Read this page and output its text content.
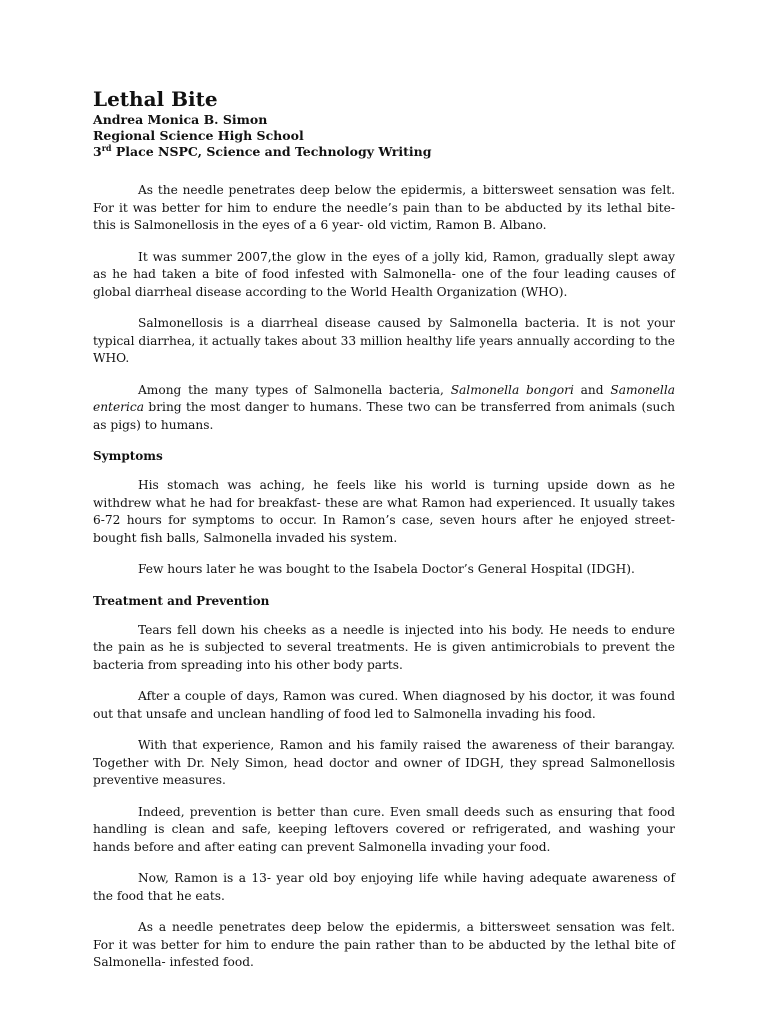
Lethal Bite
Andrea Monica B. Simon
Regional Science High School
3rd Place NSPC, Science and Technology Writing

As the needle penetrates deep below the epidermis, a bittersweet sensation was felt. For it was better for him to endure the needle’s pain than to be abducted by its lethal bite- this is Salmonellosis in the eyes of a 6 year- old victim, Ramon B. Albano.

It was summer 2007,the glow in the eyes of a jolly kid, Ramon, gradually slept away as he had taken a bite of food infested with Salmonella- one of the four leading causes of global diarrheal disease according to the World Health Organization (WHO).

Salmonellosis is a diarrheal disease caused by Salmonella bacteria. It is not your typical diarrhea, it actually takes about 33 million healthy life years annually according to the WHO.

Among the many types of Salmonella bacteria, Salmonella bongori and Samonella enterica bring the most danger to humans. These two can be transferred from animals (such as pigs) to humans.

Symptoms

His stomach was aching, he feels like his world is turning upside down as he withdrew what he had for breakfast- these are what Ramon had experienced. It usually takes 6-72 hours for symptoms to occur. In Ramon’s case, seven hours after he enjoyed street- bought fish balls, Salmonella invaded his system.

Few hours later he was bought to the Isabela Doctor’s General Hospital (IDGH).

Treatment and Prevention

Tears fell down his cheeks as a needle is injected into his body. He needs to endure the pain as he is subjected to several treatments. He is given antimicrobials to prevent the bacteria from spreading into his other body parts.

After a couple of days, Ramon was cured. When diagnosed by his doctor, it was found out that unsafe and unclean handling of food led to Salmonella invading his food.

With that experience, Ramon and his family raised the awareness of their barangay. Together with Dr. Nely Simon, head doctor and owner of IDGH, they spread Salmonellosis preventive measures.

Indeed, prevention is better than cure. Even small deeds such as ensuring that food handling is clean and safe, keeping leftovers covered or refrigerated, and washing your hands before and after eating can prevent Salmonella invading your food.

Now, Ramon is a 13- year old boy enjoying life while having adequate awareness of the food that he eats.

As a needle penetrates deep below the epidermis, a bittersweet sensation was felt. For it was better for him to endure the pain rather than to be abducted by the lethal bite of Salmonella- infested food.
